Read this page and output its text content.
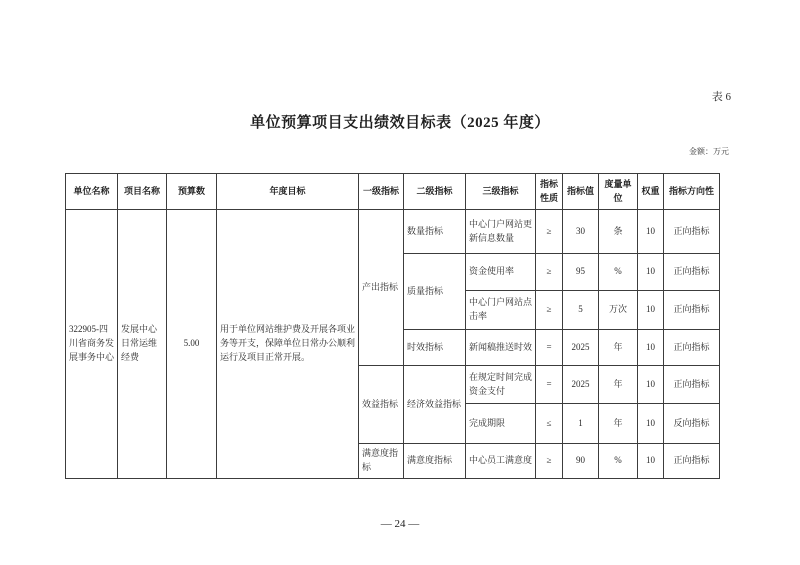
表 6
单位预算项目支出绩效目标表（2025 年度）
金额：万元
单位名称	项目名称	预算数	年度目标	一级指标	二级指标	三级指标	指标性质	指标值	度量单位	权重	指标方向性
322905-四川省商务发展事务中心	发展中心日常运维经费	5.00	用于单位网站维护费及开展各项业务等开支，保障单位日常办公顺利运行及项目正常开展。	产出指标	数量指标	中心门户网站更新信息数量	≥	30	条	10	正向指标
					质量指标	资金使用率	≥	95	%	10	正向指标
						中心门户网站点击率	≥	5	万次	10	正向指标
					时效指标	新闻稿推送时效	=	2025	年	10	正向指标
				效益指标	经济效益指标	在规定时间完成资金支付	=	2025	年	10	正向指标
						完成期限	≤	1	年	10	反向指标
				满意度指标	满意度指标	中心员工满意度	≥	90	%	10	正向指标
— 24 —
